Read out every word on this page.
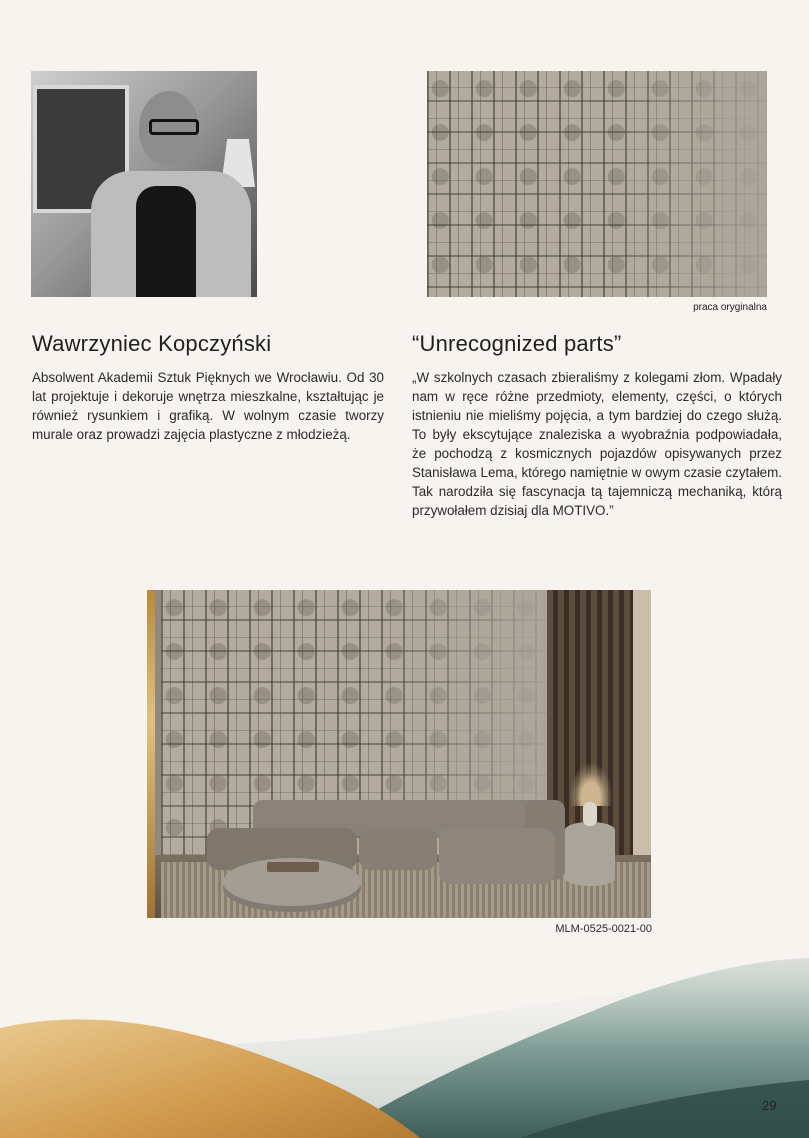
praca oryginalna
Wawrzyniec Kopczyński	“Unrecognized parts”
Absolwent Akademii Sztuk Pięknych we Wrocławiu. Od 30 lat projektuje i dekoruje wnętrza mieszkalne, kształtując je również rysunkiem i grafiką. W wolnym czasie tworzy murale oraz prowadzi zajęcia plastyczne z młodzieżą.
„W szkolnych czasach zbieraliśmy z kolegami złom. Wpadały nam w ręce różne przedmioty, elementy, części, o których istnieniu nie mieliśmy pojęcia, a tym bardziej do czego służą. To były ekscytujące znaleziska a wyobraźnia podpowiadała, że pochodzą z kosmicznych pojazdów opisywanych przez Stanisława Lema, którego namiętnie w owym czasie czytałem. Tak narodziła się fascynacja tą tajemniczą mechaniką, którą przywołałem dzisiaj dla MOTIVO.”
MLM-0525-0021-00
29
